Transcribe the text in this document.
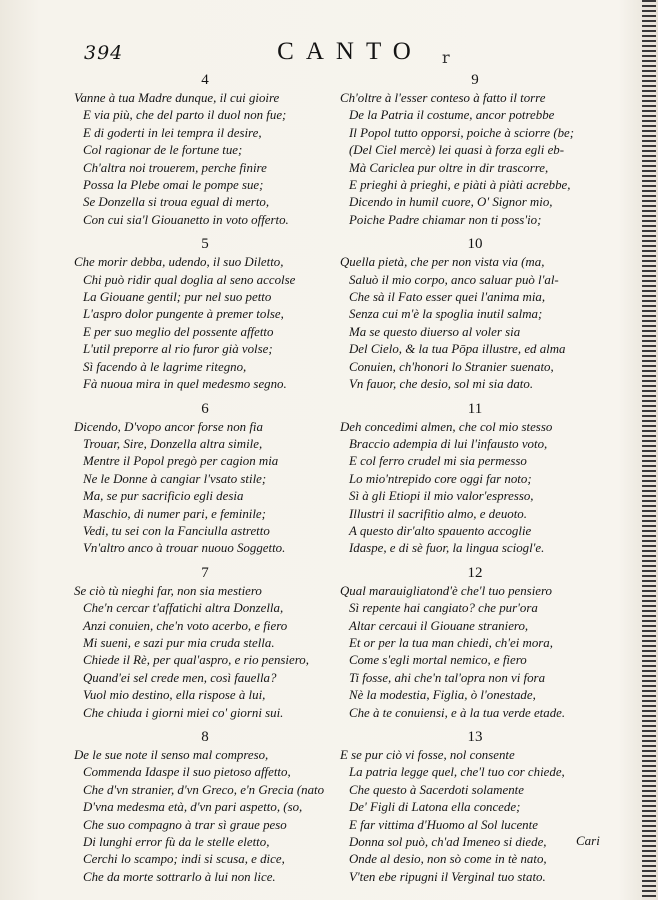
394	CANTO	r
4
Vanne à tua Madre dunque, il cui gioire
E via più, che del parto il duol non fue;
E di goderti in lei tempra il desire,
Col ragionar de le fortune tue;
Ch'altra noi trouerem, perche finire
Possa la Plebe omai le pompe sue;
Se Donzella si troua egual di merto,
Con cui sia'l Giouanetto in voto offerto.
5
Che morir debba, udendo, il suo Diletto,
Chi può ridir qual doglia al seno accolse
La Giouane gentil; pur nel suo petto
L'aspro dolor pungente à premer tolse,
E per suo meglio del possente affetto
L'util preporre al rio furor già volse;
Sì facendo à le lagrime ritegno,
Fà nuoua mira in quel medesmo segno.
6
Dicendo, D'vopo ancor forse non fia
Trouar, Sire, Donzella altra simile,
Mentre il Popol pregò per cagion mia
Ne le Donne à cangiar l'vsato stile;
Ma, se pur sacrificio egli desia
Maschio, di numer pari, e feminile;
Vedi, tu sei con la Fanciulla astretto
Vn'altro anco à trouar nuouo Soggetto.
7
Se ciò tù nieghi far, non sia mestiero
Che'n cercar t'affatichi altra Donzella,
Anzi conuien, che'n voto acerbo, e fiero
Mi sueni, e sazi pur mia cruda stella.
Chiede il Rè, per qual'aspro, e rio pensiero,
Quand'ei sel crede men, così fauella?
Vuol mio destino, ella rispose à lui,
Che chiuda i giorni miei co' giorni sui.
8
De le sue note il senso mal compreso,
Commenda Idaspe il suo pietoso affetto,
Che d'vn stranier, d'vn Greco, e'n Grecia (nato
D'vna medesma età, d'vn pari aspetto, (so,
Che suo compagno à trar sì graue peso
Di lunghi error fù da le stelle eletto,
Cerchi lo scampo; indi si scusa, e dice,
Che da morte sottrarlo à lui non lice.
9
Ch'oltre à l'esser conteso à fatto il torre
De la Patria il costume, ancor potrebbe
Il Popol tutto opporsi, poiche à sciorre (be;
(Del Ciel mercè) lei quasi à forza egli eb-
Mà Cariclea pur oltre in dir trascorre,
E prieghi à prieghi, e piàti à piàti acrebbe,
Dicendo in humil cuore, O' Signor mio,
Poiche Padre chiamar non ti poss'io;
10
Quella pietà, che per non vista via (ma,
Saluò il mio corpo, anco saluar può l'al-
Che sà il Fato esser quei l'anima mia,
Senza cui m'è la spoglia inutil salma;
Ma se questo diuerso al voler sia
Del Cielo, & la tua Pōpa illustre, ed alma
Conuien, ch'honori lo Stranier suenato,
Vn fauor, che desio, sol mi sia dato.
11
Deh concedimi almen, che col mio stesso
Braccio adempia di lui l'infausto voto,
E col ferro crudel mi sia permesso
Lo mio'ntrepido core oggi far noto;
Sì à gli Etiopi il mio valor'espresso,
Illustri il sacrifitio almo, e deuoto.
A questo dir'alto spauento accoglie
Idaspe, e di sè fuor, la lingua sciogl'e.
12
Qual marauigliatond'è che'l tuo pensiero
Sì repente hai cangiato? che pur'ora
Altar cercaui il Giouane straniero,
Et or per la tua man chiedi, ch'ei mora,
Come s'egli mortal nemico, e fiero
Ti fosse, ahi che'n tal'opra non vi fora
Nè la modestia, Figlia, ò l'onestade,
Che à te conuiensi, e à la tua verde etade.
13
E se pur ciò vi fosse, nol consente
La patria legge quel, che'l tuo cor chiede,
Che questo à Sacerdoti solamente
De' Figli di Latona ella concede;
E far vittima d'Huomo al Sol lucente
Donna sol può, ch'ad Imeneo si diede,
Onde al desio, non sò come in tè nato,
V'ten ebe ripugni il Verginal tuo stato.
Cari
